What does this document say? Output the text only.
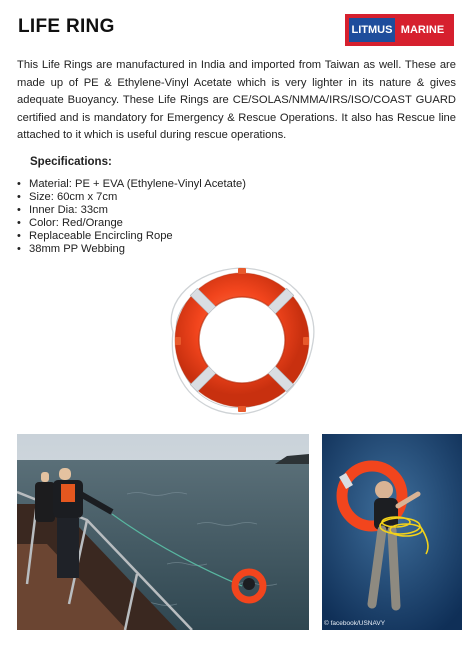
LIFE RING	LITMUS MARINE

This Life Rings are manufactured in India and imported from Taiwan as well. These are made up of PE & Ethylene-Vinyl Acetate which is very lighter in its nature & gives adequate Buoyancy. These Life Rings are CE/SOLAS/NMMA/IRS/ISO/COAST GUARD certified and is mandatory for Emergency & Rescue Operations. It also has Rescue line attached to it which is useful during rescue operations.

Specifications:
• Material: PE + EVA (Ethylene-Vinyl Acetate)
• Size: 60cm x 7cm
• Inner Dia: 33cm
• Color: Red/Orange
• Replaceable Encircling Rope
• 38mm PP Webbing
© facebook/USNAVY
